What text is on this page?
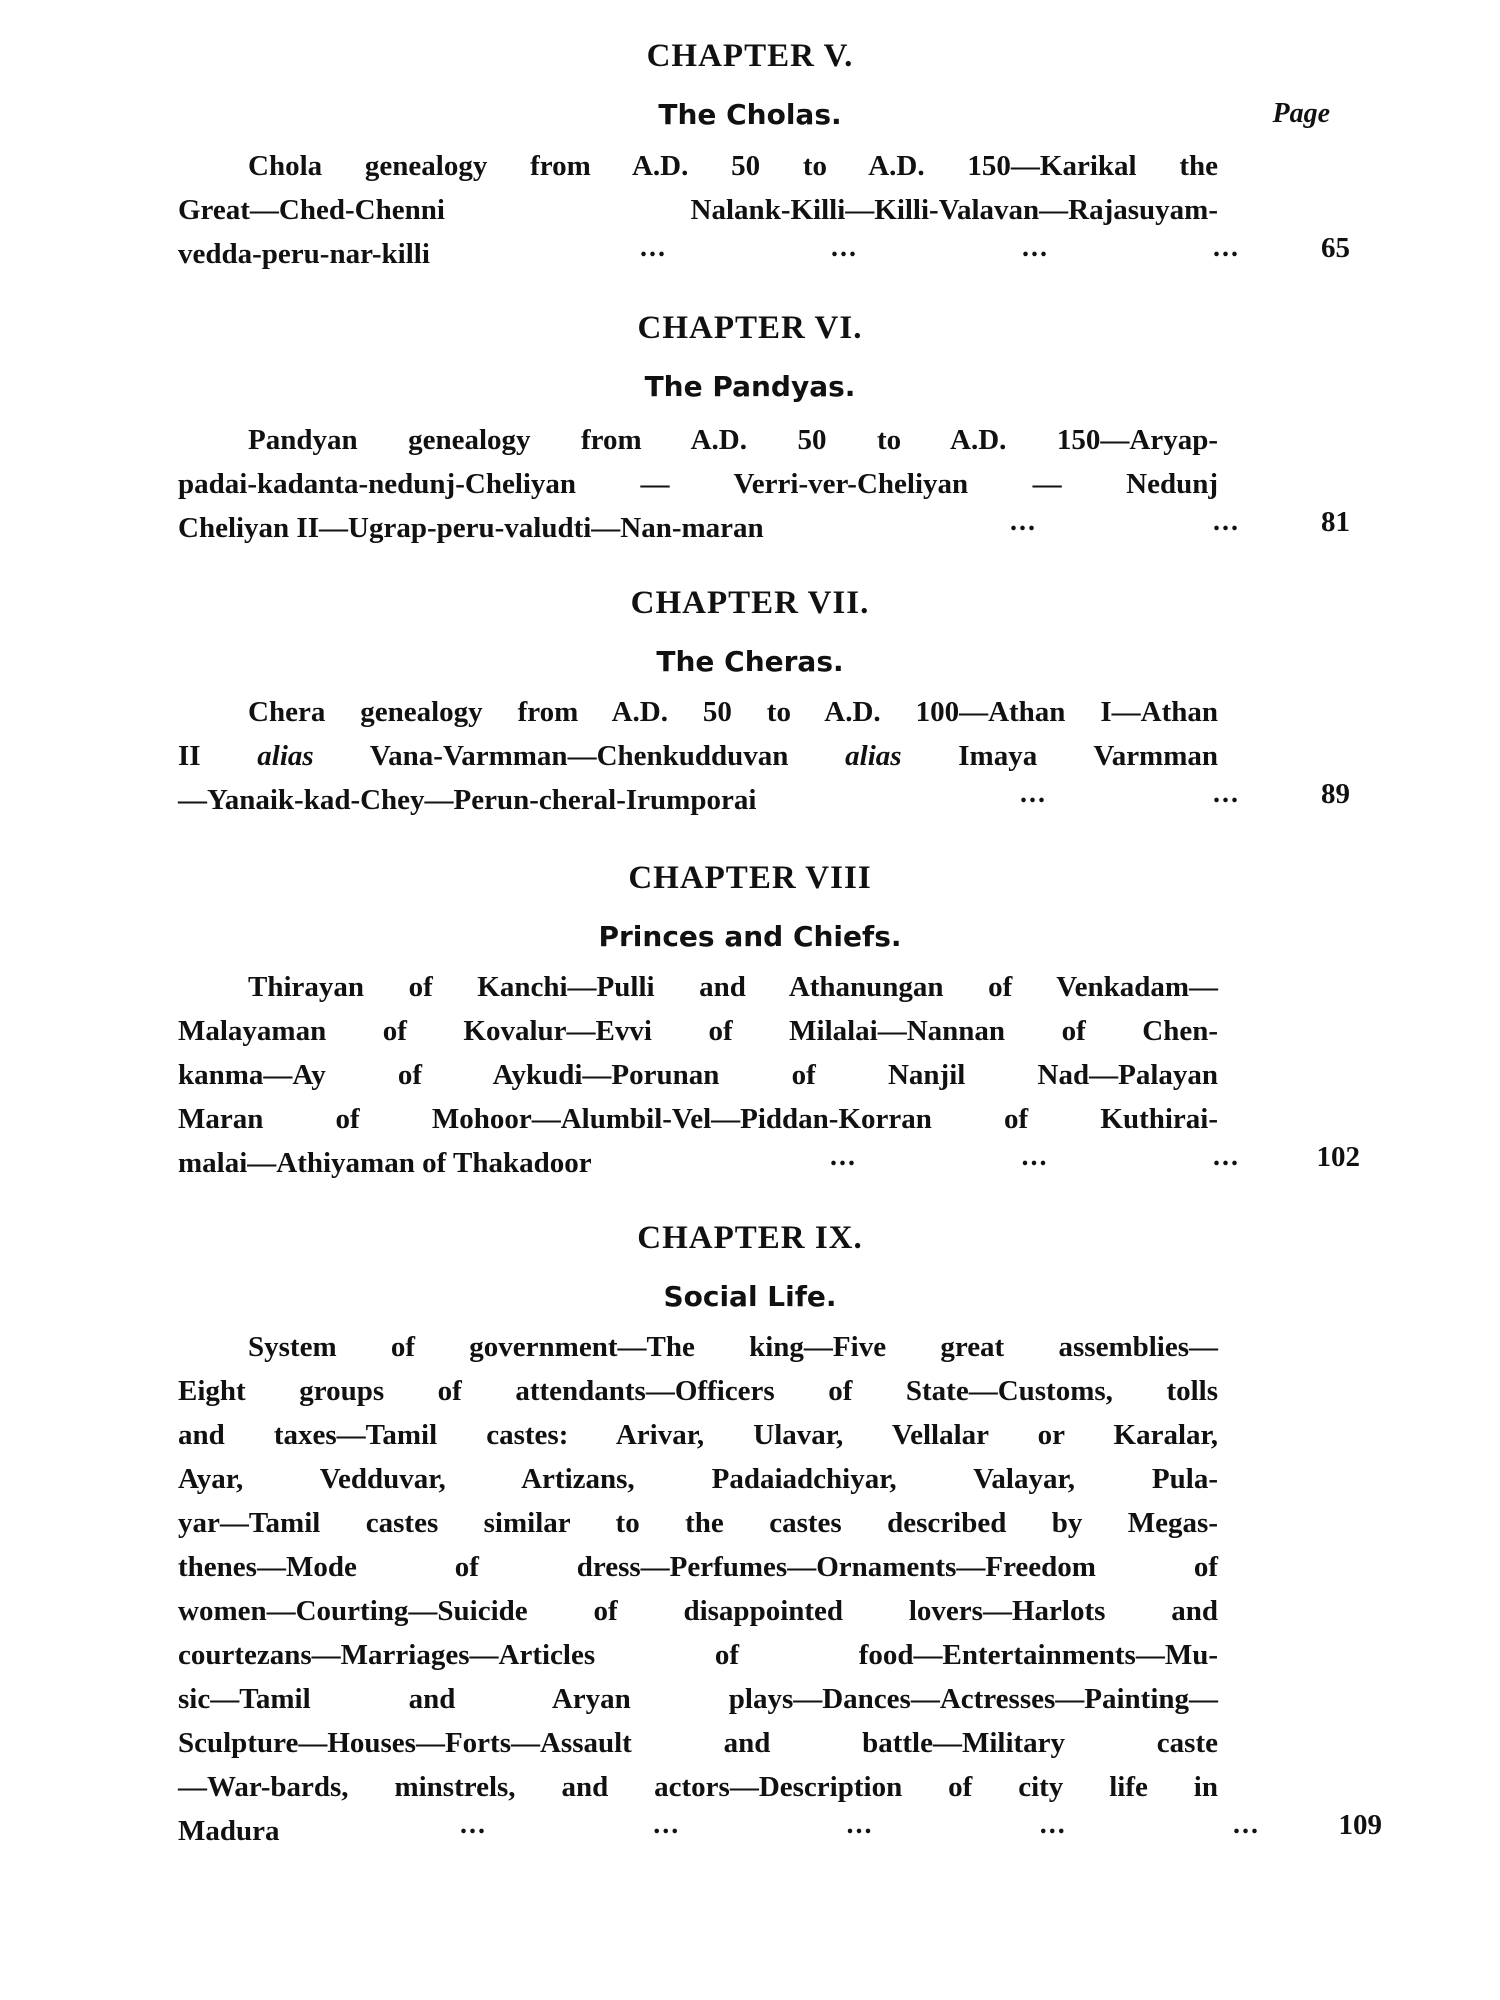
Page
CHAPTER V.
The Cholas.
Chola genealogy from A.D. 50 to A.D. 150—Karikal the
Great—Ched-Chenni Nalank-Killi—Killi-Valavan—Rajasuyam-
vedda-peru-nar-killi	...	...	...	...	65
CHAPTER VI.
The Pandyas.
Pandyan genealogy from A.D. 50 to A.D. 150—Aryap-
padai-kadanta-nedunj-Cheliyan — Verri-ver-Cheliyan — Nedunj
Cheliyan II—Ugrap-peru-valudti—Nan-maran	...	...	81
CHAPTER VII.
The Cheras.
Chera genealogy from A.D. 50 to A.D. 100—Athan I—Athan
II alias Vana-Varmman—Chenkudduvan alias Imaya Varmman
—Yanaik-kad-Chey—Perun-cheral-Irumporai	...	...	89
CHAPTER VIII
Princes and Chiefs.
Thirayan of Kanchi—Pulli and Athanungan of Venkadam—
Malayaman of Kovalur—Evvi of Milalai—Nannan of Chen-
kanma—Ay of Aykudi—Porunan of Nanjil Nad—Palayan
Maran of Mohoor—Alumbil-Vel—Piddan-Korran of Kuthirai-
malai—Athiyaman of Thakadoor	...	...	...	102
CHAPTER IX.
Social Life.
System of government—The king—Five great assemblies—
Eight groups of attendants—Officers of State—Customs, tolls
and taxes—Tamil castes: Arivar, Ulavar, Vellalar or Karalar,
Ayar, Vedduvar, Artizans, Padaiadchiyar, Valayar, Pula-
yar—Tamil castes similar to the castes described by Megas-
thenes—Mode of dress—Perfumes—Ornaments—Freedom of
women—Courting—Suicide of disappointed lovers—Harlots and
courtezans—Marriages—Articles of food—Entertainments—Mu-
sic—Tamil and Aryan plays—Dances—Actresses—Painting—
Sculpture—Houses—Forts—Assault and battle—Military caste
—War-bards, minstrels, and actors—Description of city life in
Madura	...	...	...	...	...	109
